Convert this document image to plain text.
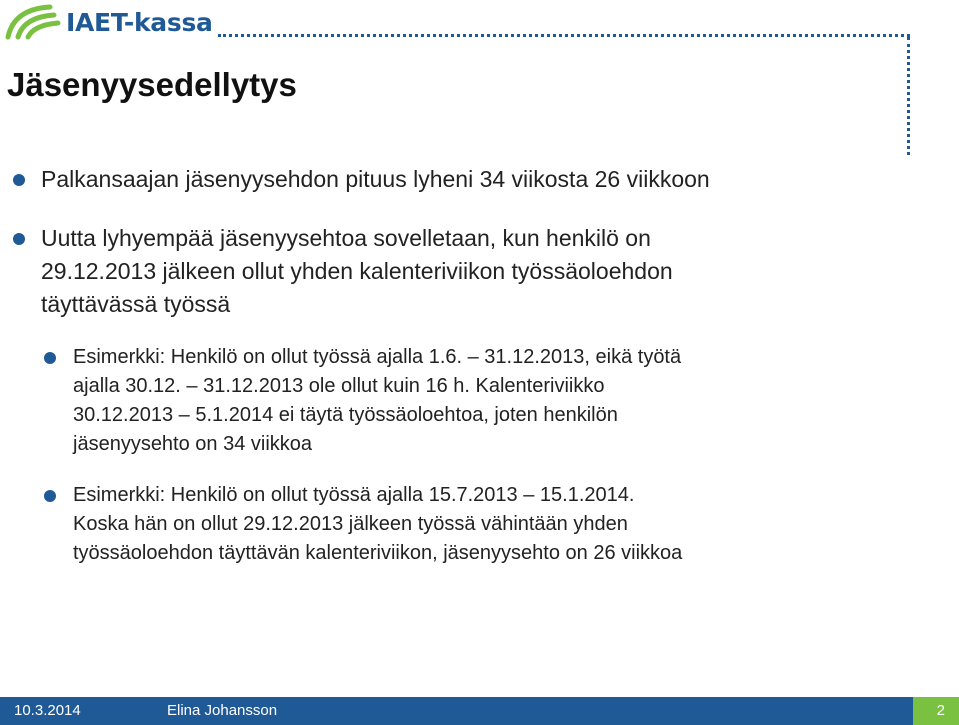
IAET-kassa
Jäsenyysedellytys
Palkansaajan jäsenyysehdon pituus lyheni 34 viikosta 26 viikkoon
Uutta lyhyempää jäsenyysehtoa sovelletaan, kun henkilö on
29.12.2013 jälkeen ollut yhden kalenteriviikon työssäoloehdon
täyttävässä työssä
Esimerkki: Henkilö on ollut työssä ajalla 1.6. – 31.12.2013, eikä työtä
ajalla 30.12. – 31.12.2013 ole ollut kuin 16 h. Kalenteriviikko
30.12.2013 – 5.1.2014 ei täytä työssäoloehtoa, joten henkilön
jäsenyysehto on 34 viikkoa
Esimerkki: Henkilö on ollut työssä ajalla 15.7.2013 – 15.1.2014.
Koska hän on ollut 29.12.2013 jälkeen työssä vähintään yhden
työssäoloehdon täyttävän kalenteriviikon, jäsenyysehto on 26 viikkoa
10.3.2014	Elina Johansson	2
